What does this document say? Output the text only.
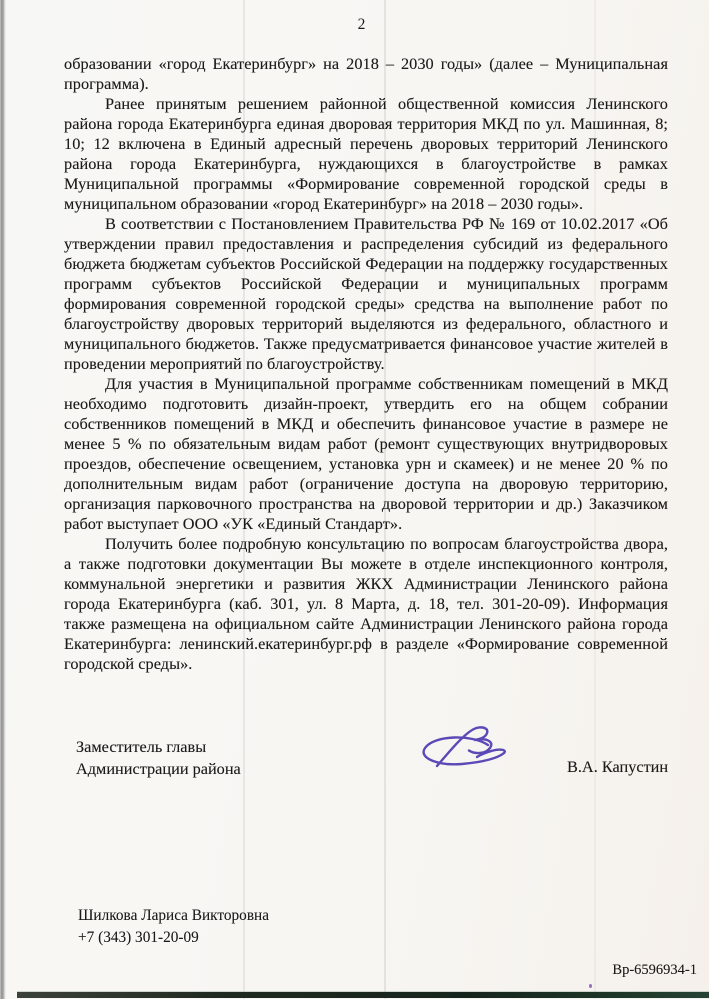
2

образовании «город Екатеринбург» на 2018 – 2030 годы» (далее – Муниципальная программа).

Ранее принятым решением районной общественной комиссия Ленинского района города Екатеринбурга единая дворовая территория МКД по ул. Машинная, 8; 10; 12 включена в Единый адресный перечень дворовых территорий Ленинского района города Екатеринбурга, нуждающихся в благоустройстве в рамках Муниципальной программы «Формирование современной городской среды в муниципальном образовании «город Екатеринбург» на 2018 – 2030 годы».

В соответствии с Постановлением Правительства РФ № 169 от 10.02.2017 «Об утверждении правил предоставления и распределения субсидий из федерального бюджета бюджетам субъектов Российской Федерации на поддержку государственных программ субъектов Российской Федерации и муниципальных программ формирования современной городской среды» средства на выполнение работ по благоустройству дворовых территорий выделяются из федерального, областного и муниципального бюджетов. Также предусматривается финансовое участие жителей в проведении мероприятий по благоустройству.

Для участия в Муниципальной программе собственникам помещений в МКД необходимо подготовить дизайн-проект, утвердить его на общем собрании собственников помещений в МКД и обеспечить финансовое участие в размере не менее 5 % по обязательным видам работ (ремонт существующих внутридворовых проездов, обеспечение освещением, установка урн и скамеек) и не менее 20 % по дополнительным видам работ (ограничение доступа на дворовую территорию, организация парковочного пространства на дворовой территории и др.) Заказчиком работ выступает ООО «УК «Единый Стандарт».

Получить более подробную консультацию по вопросам благоустройства двора, а также подготовки документации Вы можете в отделе инспекционного контроля, коммунальной энергетики и развития ЖКХ Администрации Ленинского района города Екатеринбурга (каб. 301, ул. 8 Марта, д. 18, тел. 301-20-09). Информация также размещена на официальном сайте Администрации Ленинского района города Екатеринбурга: ленинский.екатеринбург.рф в разделе «Формирование современной городской среды».

Заместитель главы
Администрации района	В.А. Капустин
Шилкова Лариса Викторовна
+7 (343) 301-20-09
Вр-6596934-1
